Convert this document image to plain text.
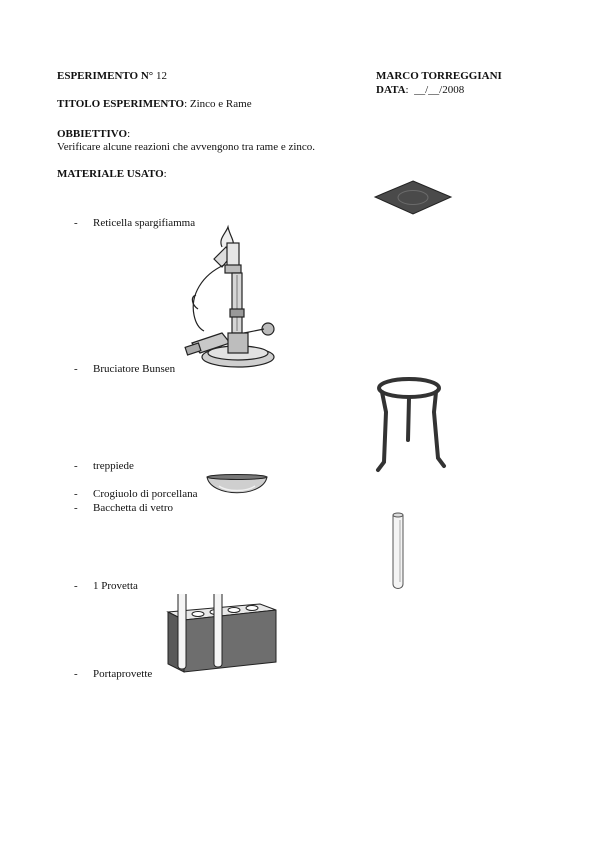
ESPERIMENTO N° 12	MARCO TORREGGIANI
DATA:  __/__/2008
TITOLO ESPERIMENTO: Zinco e Rame
OBBIETTIVO:
Verificare alcune reazioni che avvengono tra rame e zinco.
MATERIALE USATO:
- Reticella spargifiamma
- Bruciatore Bunsen
- treppiede
- Crogiuolo di porcellana
- Bacchetta di vetro
- 1 Provetta
- Portaprovette
